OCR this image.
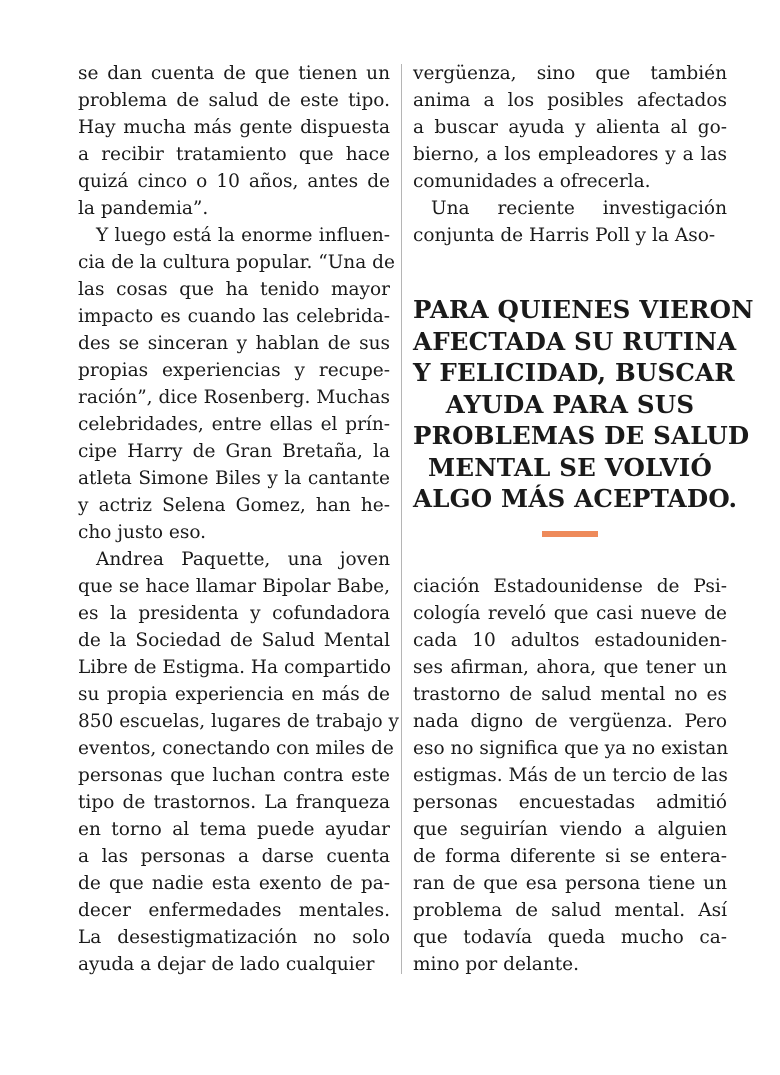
se dan cuenta de que tienen un
problema de salud de este tipo.
Hay mucha más gente dispuesta
a recibir tratamiento que hace
quizá cinco o 10 años, antes de
la pandemia”.

Y luego está la enorme influen-
cia de la cultura popular. “Una de
las cosas que ha tenido mayor
impacto es cuando las celebrida-
des se sinceran y hablan de sus
propias experiencias y recupe-
ración”, dice Rosenberg. Muchas
celebridades, entre ellas el prín-
cipe Harry de Gran Bretaña, la
atleta Simone Biles y la cantante
y actriz Selena Gomez, han he-
cho justo eso.

Andrea Paquette, una joven
que se hace llamar Bipolar Babe,
es la presidenta y cofundadora
de la Sociedad de Salud Mental
Libre de Estigma. Ha compartido
su propia experiencia en más de
850 escuelas, lugares de trabajo y
eventos, conectando con miles de
personas que luchan contra este
tipo de trastornos. La franqueza
en torno al tema puede ayudar
a las personas a darse cuenta
de que nadie esta exento de pa-
decer enfermedades mentales.
La desestigmatización no solo
ayuda a dejar de lado cualquier

vergüenza, sino que también
anima a los posibles afectados
a buscar ayuda y alienta al go-
bierno, a los empleadores y a las
comunidades a ofrecerla.

Una reciente investigación
conjunta de Harris Poll y la Aso-

PARA QUIENES VIERON
AFECTADA SU RUTINA
Y FELICIDAD, BUSCAR
AYUDA PARA SUS
PROBLEMAS DE SALUD
MENTAL SE VOLVIÓ
ALGO MÁS ACEPTADO.

ciación Estadounidense de Psi-
cología reveló que casi nueve de
cada 10 adultos estadouniden-
ses afirman, ahora, que tener un
trastorno de salud mental no es
nada digno de vergüenza. Pero
eso no significa que ya no existan
estigmas. Más de un tercio de las
personas encuestadas admitió
que seguirían viendo a alguien
de forma diferente si se entera-
ran de que esa persona tiene un
problema de salud mental. Así
que todavía queda mucho ca-
mino por delante.
